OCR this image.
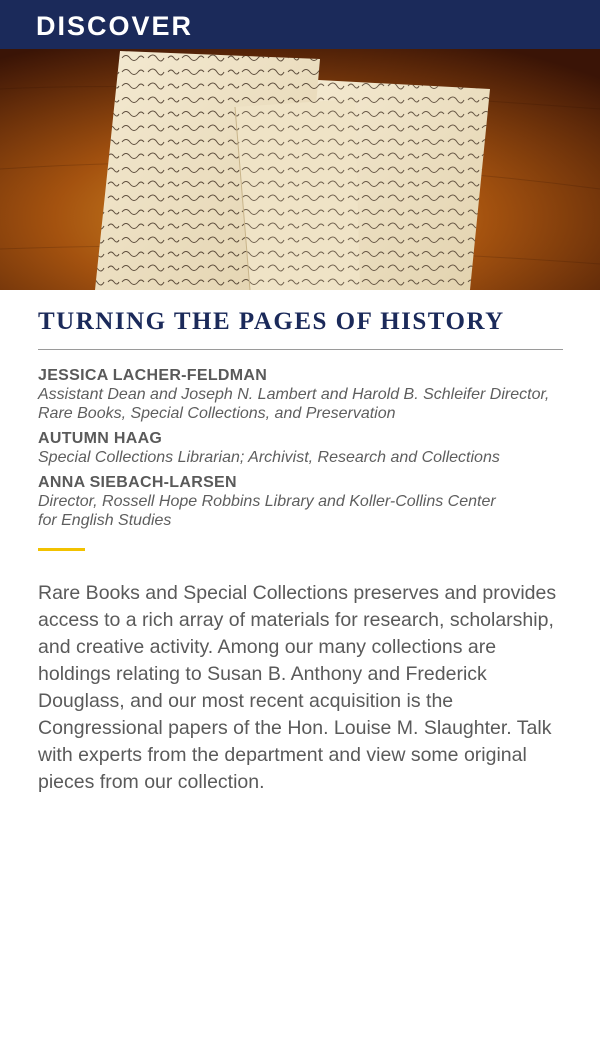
DISCOVER
TURNING THE PAGES OF HISTORY
JESSICA LACHER-FELDMAN
Assistant Dean and Joseph N. Lambert and Harold B. Schleifer Director,
Rare Books, Special Collections, and Preservation
AUTUMN HAAG
Special Collections Librarian; Archivist, Research and Collections
ANNA SIEBACH-LARSEN
Director, Rossell Hope Robbins Library and Koller-Collins Center
for English Studies
Rare Books and Special Collections preserves and provides access to a rich array of materials for research, scholarship, and creative activity. Among our many collections are holdings relating to Susan B. Anthony and Frederick Douglass, and our most recent acquisition is the Congressional papers of the Hon. Louise M. Slaughter. Talk with experts from the department and view some original pieces from our collection.
